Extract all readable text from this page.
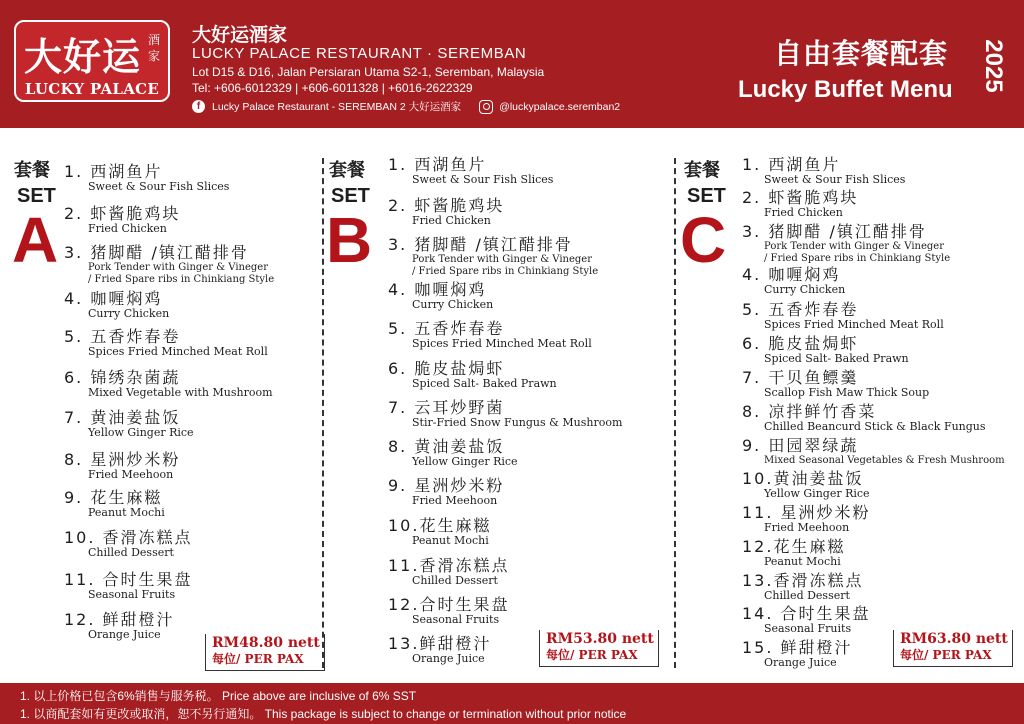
大好运 酒家
LUCKY PALACE
大好运酒家
LUCKY PALACE RESTAURANT · SEREMBAN
Lot D15 & D16, Jalan Persiaran Utama S2-1, Seremban, Malaysia
Tel: +606-6012329 | +606-6011328 | +6016-2622329
f	Lucky Palace Restaurant - SEREMBAN 2 大好运酒家	@luckypalace.seremban2
自由套餐配套
Lucky Buffet Menu 2025
套餐
SET
A
1. 西湖鱼片
Sweet & Sour Fish Slices
2. 虾酱脆鸡块
Fried Chicken
3. 猪脚醋 /镇江醋排骨
Pork Tender with Ginger & Vineger
/ Fried Spare ribs in Chinkiang Style
4. 咖喱焖鸡
Curry Chicken
5. 五香炸春卷
Spices Fried Minched Meat Roll
6. 锦绣杂菌蔬
Mixed Vegetable with Mushroom
7. 黄油姜盐饭
Yellow Ginger Rice
8. 星洲炒米粉
Fried Meehoon
9. 花生麻糍
Peanut Mochi
10. 香滑冻糕点
Chilled Dessert
11. 合时生果盘
Seasonal Fruits
12. 鲜甜橙汁
Orange Juice
RM48.80 nett
每位/ PER PAX
套餐
SET
B
1. 西湖鱼片
Sweet & Sour Fish Slices
2. 虾酱脆鸡块
Fried Chicken
3. 猪脚醋 /镇江醋排骨
Pork Tender with Ginger & Vineger
/ Fried Spare ribs in Chinkiang Style
4. 咖喱焖鸡
Curry Chicken
5. 五香炸春卷
Spices Fried Minched Meat Roll
6. 脆皮盐焗虾
Spiced Salt- Baked Prawn
7. 云耳炒野菌
Stir-Fried Snow Fungus & Mushroom
8. 黄油姜盐饭
Yellow Ginger Rice
9. 星洲炒米粉
Fried Meehoon
10.花生麻糍
Peanut Mochi
11.香滑冻糕点
Chilled Dessert
12.合时生果盘
Seasonal Fruits
13.鲜甜橙汁
Orange Juice
RM53.80 nett
每位/ PER PAX
套餐
SET
C
1. 西湖鱼片
Sweet & Sour Fish Slices
2. 虾酱脆鸡块
Fried Chicken
3. 猪脚醋 /镇江醋排骨
Pork Tender with Ginger & Vineger
/ Fried Spare ribs in Chinkiang Style
4. 咖喱焖鸡
Curry Chicken
5. 五香炸春卷
Spices Fried Minched Meat Roll
6. 脆皮盐焗虾
Spiced Salt- Baked Prawn
7. 干贝鱼鳔羹
Scallop Fish Maw Thick Soup
8. 凉拌鲜竹香菜
Chilled Beancurd Stick & Black Fungus
9. 田园翠绿蔬
Mixed Seasonal Vegetables & Fresh Mushroom
10.黄油姜盐饭
Yellow Ginger Rice
11. 星洲炒米粉
Fried Meehoon
12.花生麻糍
Peanut Mochi
13.香滑冻糕点
Chilled Dessert
14. 合时生果盘
Seasonal Fruits
15. 鲜甜橙汁
Orange Juice
RM63.80 nett
每位/ PER PAX
1. 以上价格已包含6%销售与服务税。 Price above are inclusive of 6% SST
1. 以商配套如有更改或取消，恕不另行通知。 This package is subject to change or termination without prior notice
